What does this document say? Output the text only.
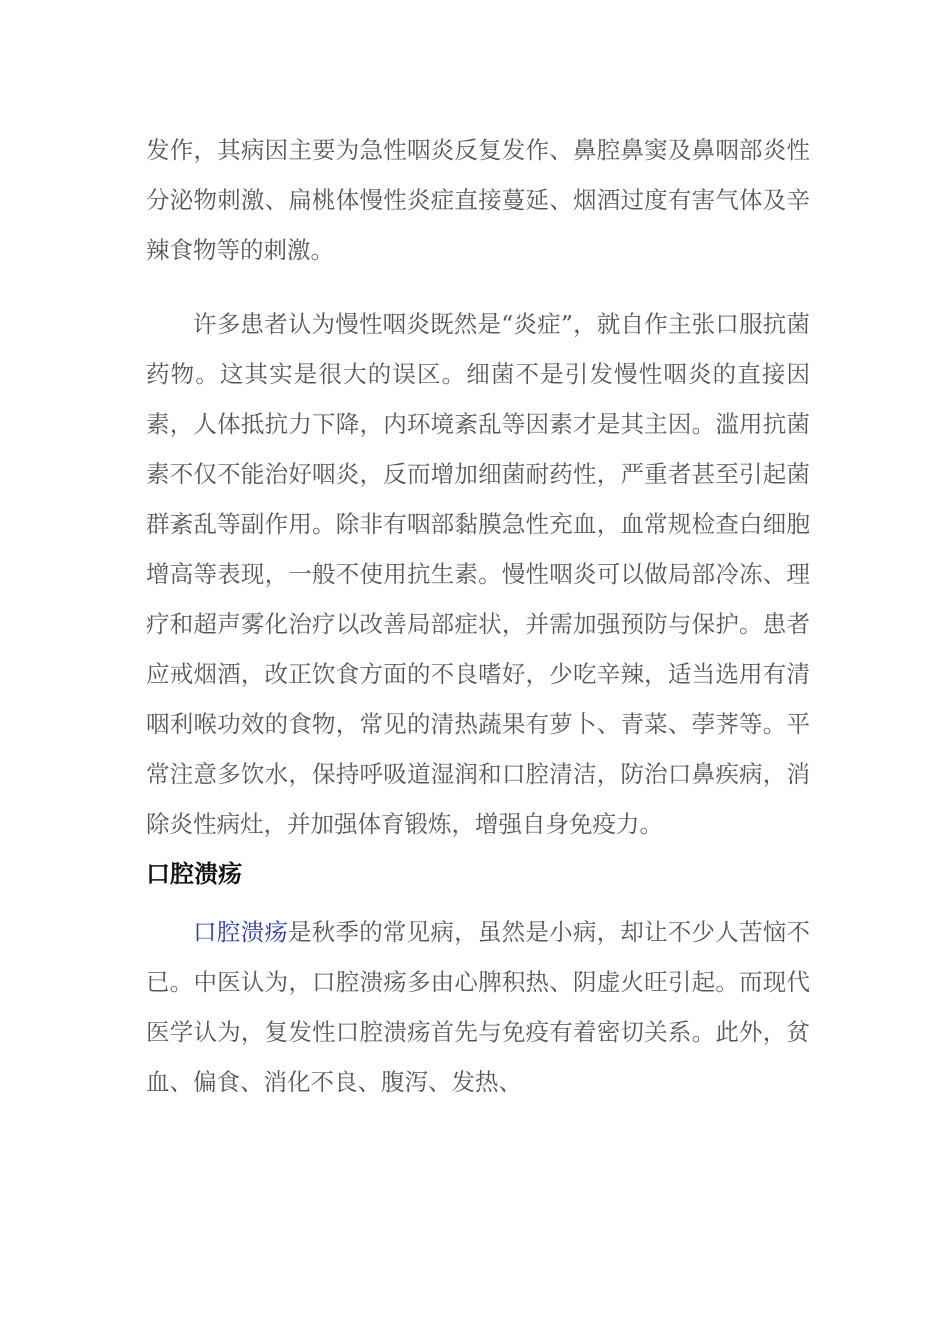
发作，其病因主要为急性咽炎反复发作、鼻腔鼻窦及鼻咽部炎性分泌物刺激、扁桃体慢性炎症直接蔓延、烟酒过度有害气体及辛辣食物等的刺激。

许多患者认为慢性咽炎既然是“炎症”，就自作主张口服抗菌药物。这其实是很大的误区。细菌不是引发慢性咽炎的直接因素，人体抵抗力下降，内环境紊乱等因素才是其主因。滥用抗菌素不仅不能治好咽炎，反而增加细菌耐药性，严重者甚至引起菌群紊乱等副作用。除非有咽部黏膜急性充血，血常规检查白细胞增高等表现，一般不使用抗生素。慢性咽炎可以做局部冷冻、理疗和超声雾化治疗以改善局部症状，并需加强预防与保护。患者应戒烟酒，改正饮食方面的不良嗜好，少吃辛辣，适当选用有清咽利喉功效的食物，常见的清热蔬果有萝卜、青菜、荸荠等。平常注意多饮水，保持呼吸道湿润和口腔清洁，防治口鼻疾病，消除炎性病灶，并加强体育锻炼，增强自身免疫力。

口腔溃疡

口腔溃疡是秋季的常见病，虽然是小病，却让不少人苦恼不已。中医认为，口腔溃疡多由心脾积热、阴虚火旺引起。而现代医学认为，复发性口腔溃疡首先与免疫有着密切关系。此外，贫血、偏食、消化不良、腹泻、发热、
